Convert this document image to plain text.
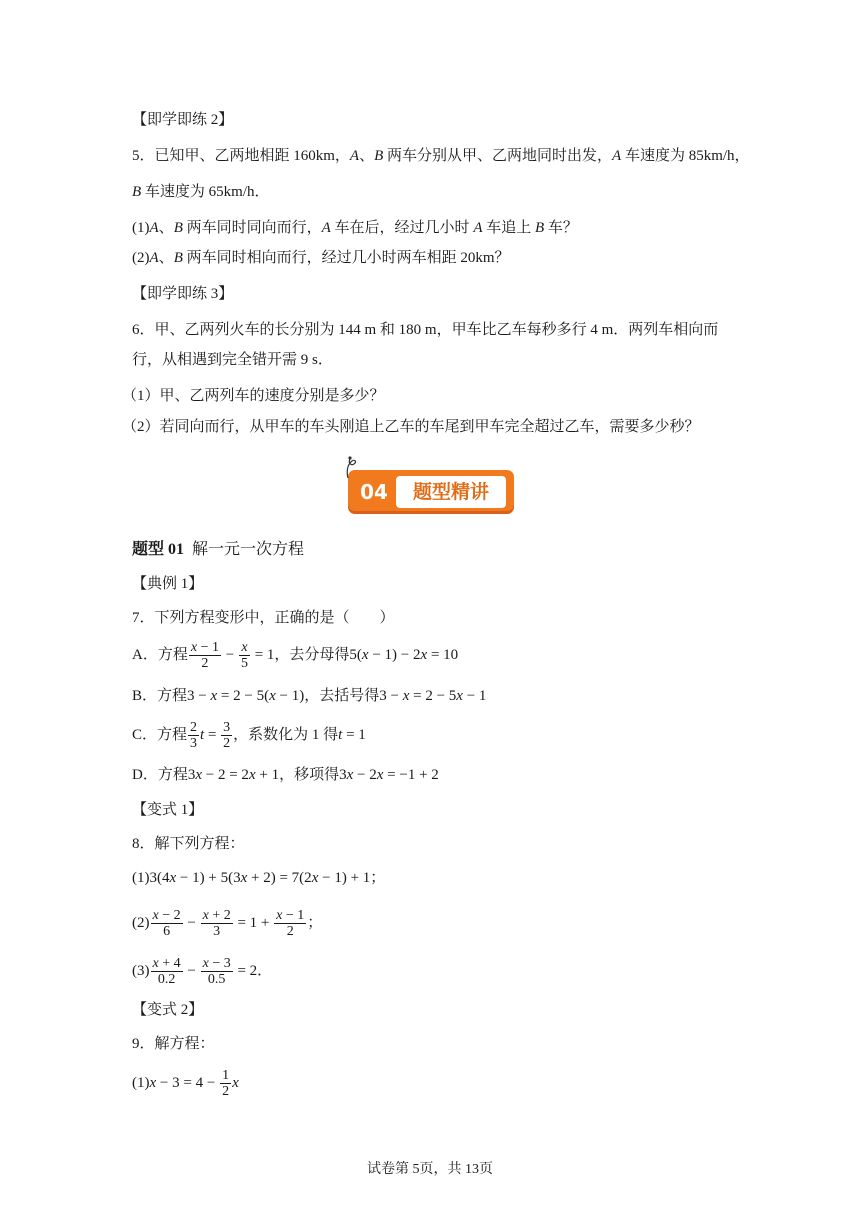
【即学即练 2】
5．已知甲、乙两地相距 160km，A、B 两车分别从甲、乙两地同时出发，A 车速度为 85km/h，
B 车速度为 65km/h．
(1)A、B 两车同时同向而行，A 车在后，经过几小时 A 车追上 B 车？
(2)A、B 两车同时相向而行，经过几小时两车相距 20km？
【即学即练 3】
6．甲、乙两列火车的长分别为 144 m 和 180 m，甲车比乙车每秒多行 4 m．两列车相向而
行，从相遇到完全错开需 9 s．
（1）甲、乙两列车的速度分别是多少？
（2）若同向而行，从甲车的车头刚追上乙车的车尾到甲车完全超过乙车，需要多少秒？
04	题型精讲
题型 01 解一元一次方程
【典例 1】
7．下列方程变形中，正确的是（　　）
A．方程 $\frac{x - 1}{2} - \frac{x}{5} = 1$，去分母得5(x − 1) − 2x = 10
B．方程3 − x = 2 − 5(x − 1)，去括号得3 − x = 2 − 5x − 1
C．方程 $\frac{2}{3}$ $t = \frac{3}{2}$ ，系数化为 1 得t = 1
D．方程3x − 2 = 2x + 1，移项得3x − 2x = −1 + 2
【变式 1】
8．解下列方程：
(1)3(4x − 1) + 5(3x + 2) = 7(2x − 1) + 1；
$(2) \frac{x - 2}{6} - \frac{x + 2}{3} = 1 + \frac{x - 1}{2}$ ；
$(3) \frac{x + 4}{0.2} - \frac{x - 3}{0.5} = 2$．
【变式 2】
9．解方程：
$(1)x - 3 = 4 - \frac{1}{2}$ x
试卷第 5页，共 13页
